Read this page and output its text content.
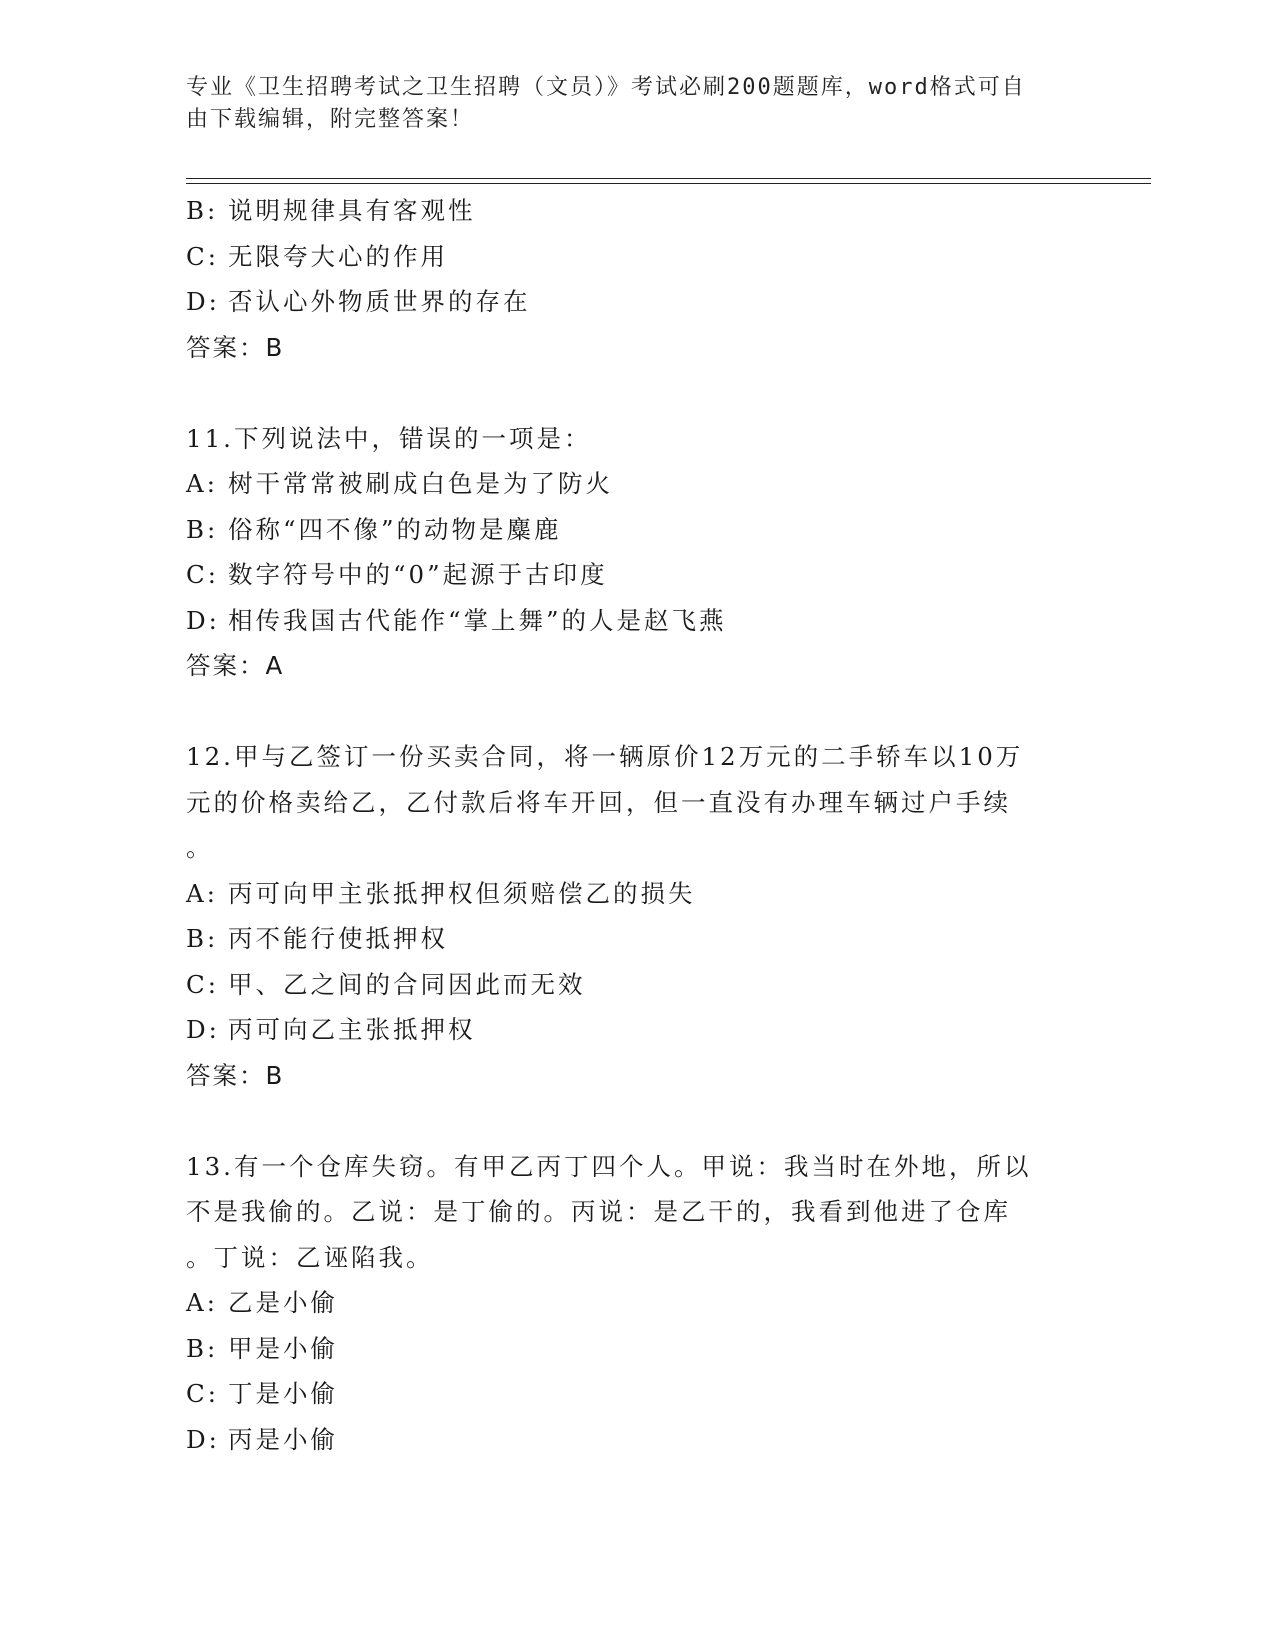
专业《卫生招聘考试之卫生招聘（文员）》考试必刷200题题库，word格式可自
由下载编辑，附完整答案！
B: 说明规律具有客观性
C: 无限夸大心的作用
D: 否认心外物质世界的存在
答案：B
11.下列说法中，错误的一项是：
A: 树干常常被刷成白色是为了防火
B: 俗称“四不像”的动物是麋鹿
C: 数字符号中的“0”起源于古印度
D: 相传我国古代能作“掌上舞”的人是赵飞燕
答案：A
12.甲与乙签订一份买卖合同，将一辆原价12万元的二手轿车以10万
元的价格卖给乙，乙付款后将车开回，但一直没有办理车辆过户手续
。
A: 丙可向甲主张抵押权但须赔偿乙的损失
B: 丙不能行使抵押权
C: 甲、乙之间的合同因此而无效
D: 丙可向乙主张抵押权
答案：B
13.有一个仓库失窃。有甲乙丙丁四个人。甲说：我当时在外地，所以
不是我偷的。乙说：是丁偷的。丙说：是乙干的，我看到他进了仓库
。丁说：乙诬陷我。
A: 乙是小偷
B: 甲是小偷
C: 丁是小偷
D: 丙是小偷
